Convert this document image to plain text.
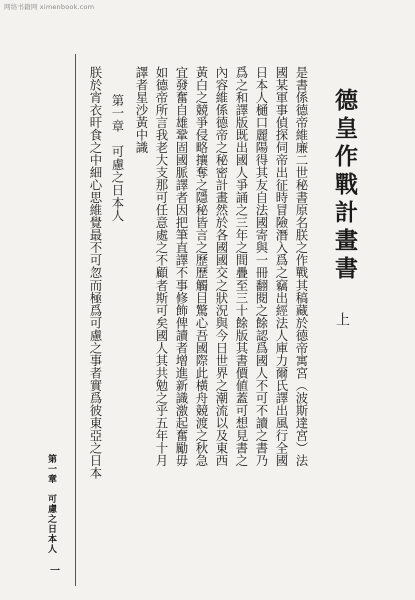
网络书籍网 ximenbook.com
德皇作戰計畫書
上
是書係德帝維廉二世秘書原名朕之作戰其稿藏於德帝寓宮（波斯達宮）法
國某軍事偵探伺帝出征時冒險潛入爲之竊出經法人庫力爾氏譯出風行全國
日本人樋口麗陽得其友自法國寄與一冊翻閱之餘認爲國人不可不讀之書乃
爲之和譯版既出國人爭誦之三年之間疊至三十餘版其書價値蓋可想見書之
內容維係德帝之秘密計畫然於各國國交之狀況與今日世界之潮流以及東西
黃白之競爭侵略攘奪之隱秘皆言之歷歷觸目驚心吾國際此橫舟競渡之秋急
宜發奮自雄鞏固國脈譯者因把筆直譯不事修飾俾讀者增進新識激起奮勵毋
如德帝所言我老大支那可任意處之不顧者斯可矣國人其共勉之乎五年十月
譯者星沙黃中識
第一章　可慮之日本人
朕於宵衣旰食之中細心思維覺最不可忽而極爲可慮之事者實爲彼東亞之日本
第一章　可慮之日本人
一
